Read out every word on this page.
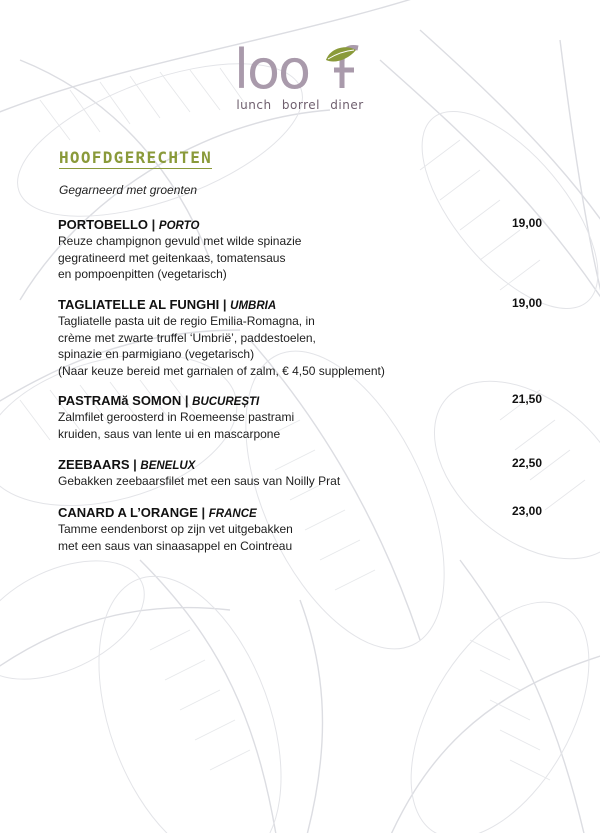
loo
lunch borrel diner
HOOFDGERECHTEN
Gegarneerd met groenten
PORTOBELLO | PORTO	19,00
Reuze champignon gevuld met wilde spinazie
gegratineerd met geitenkaas, tomatensaus
en pompoenpitten (vegetarisch)
TAGLIATELLE AL FUNGHI | UMBRIA	19,00
Tagliatelle pasta uit de regio Emilia-Romagna, in
crème met zwarte truffel ‘Umbrië’, paddestoelen,
spinazie en parmigiano (vegetarisch)
(Naar keuze bereid met garnalen of zalm, € 4,50 supplement)
PASTRAMă SOMON | BUCUREȘTI	21,50
Zalmfilet geroosterd in Roemeense pastrami
kruiden, saus van lente ui en mascarpone
ZEEBAARS | BENELUX	22,50
Gebakken zeebaarsfilet met een saus van Noilly Prat
CANARD A L’ORANGE | FRANCE	23,00
Tamme eendenborst op zijn vet uitgebakken
met een saus van sinaasappel en Cointreau
